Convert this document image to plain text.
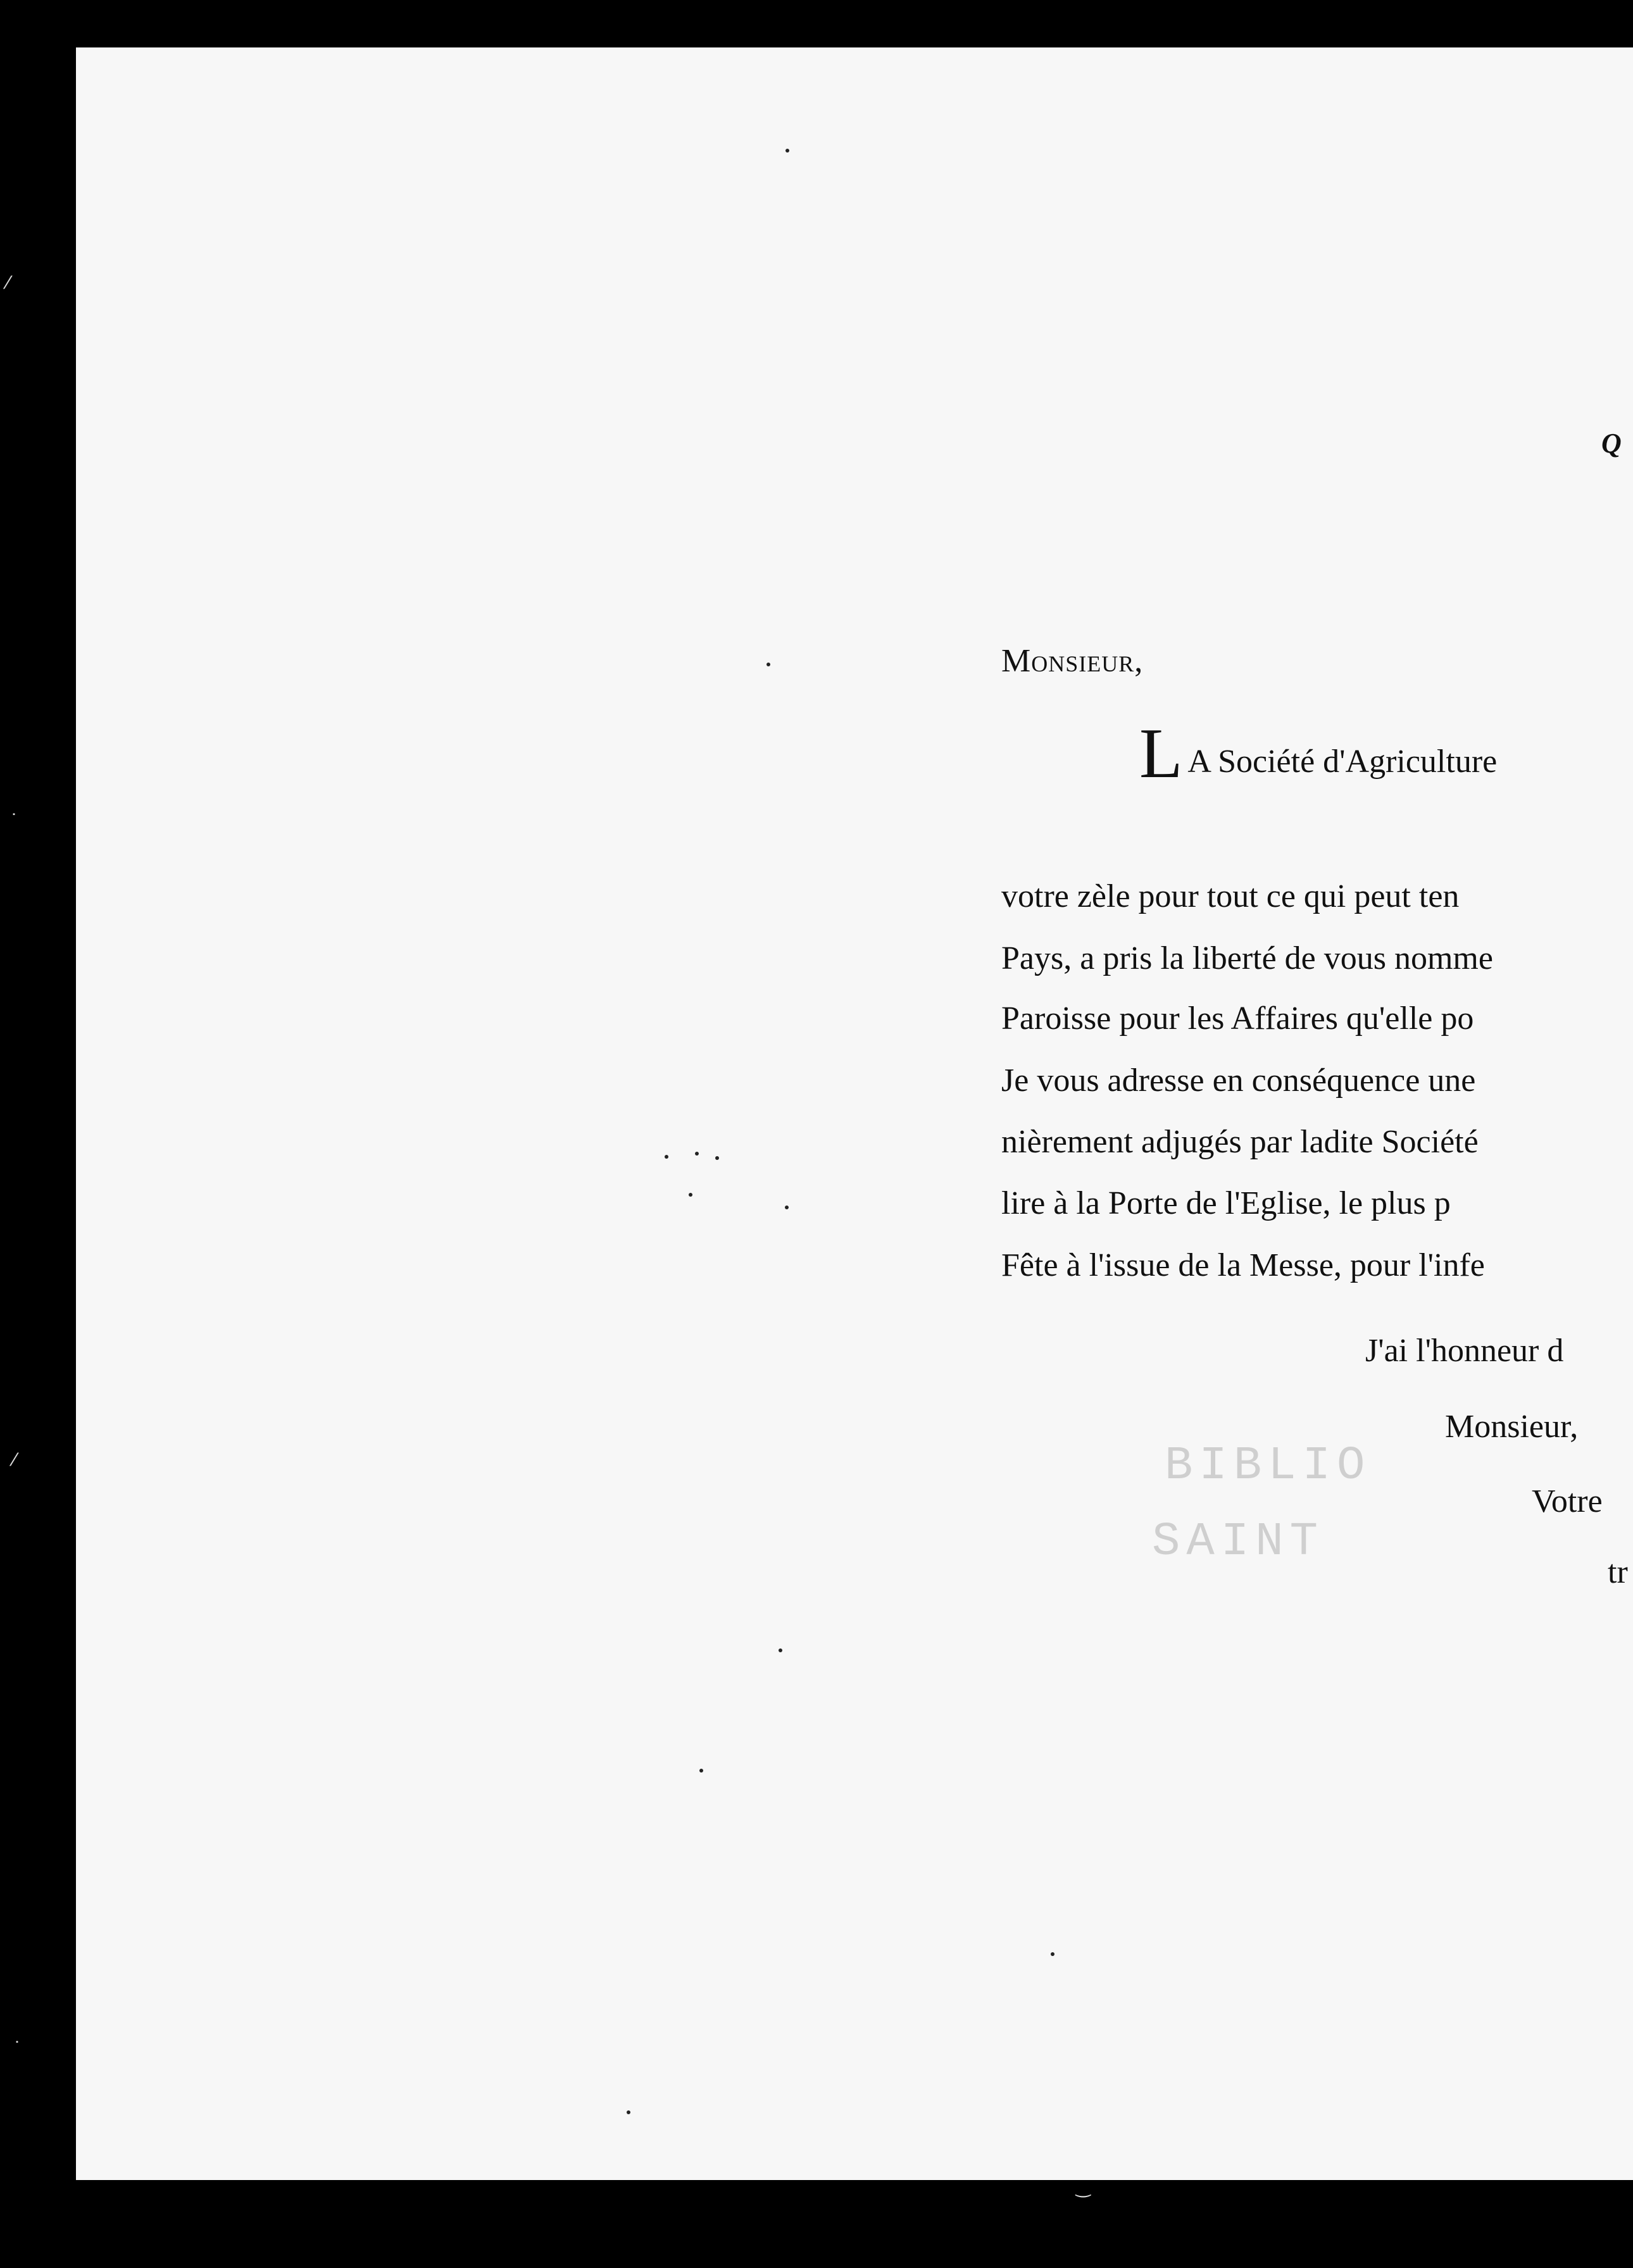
Q
Monsieur,
L A Société d'Agriculture
votre zèle pour tout ce qui peut ten
Pays, a pris la liberté de vous nomme
Paroisse pour les Affaires qu'elle po
Je vous adresse en conséquence une
nièrement adjugés par ladite Société
lire à la Porte de l'Eglise, le plus p
Fête à l'issue de la Messe, pour l'infe
J'ai l'honneur d
Monsieur,
Votre
tr
BIBLIO
SAINT
⁄
˙
⁄
˙
‿
